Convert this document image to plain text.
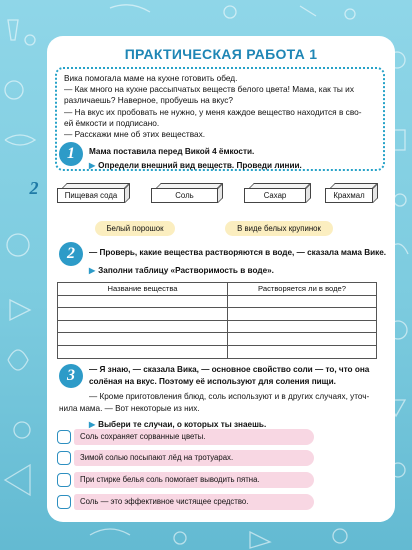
2
ПРАКТИЧЕСКАЯ РАБОТА 1

Вика помогала маме на кухне готовить обед.

— Как много на кухне рассыпчатых веществ белого цвета! Мама, как ты их

различаешь? Наверное, пробуешь на вкус?

— На вкус их пробовать не нужно, у меня каждое вещество находится в сво-

ей ёмкости и подписано.

— Расскажи мне об этих веществах.

1	Мама поставила перед Викой 4 ёмкости.
▶ Определи внешний вид веществ. Проведи линии.
Пищевая сода	Соль	Сахар	Крахмал
Белый порошок	В виде белых крупинок
2	— Проверь, какие вещества растворяются в воде, — сказала мама Вике.
▶ Заполни таблицу «Растворимость в воде».
Название вещества	Растворяется ли в воде?

3	— Я знаю, — сказала Вика, — основное свойство соли — то, что она
солёная на вкус. Поэтому её используют для соления пищи.
— Кроме приготовления блюд, соль используют и в других случаях, уточ-
нила мама. — Вот некоторые из них.
▶ Выбери те случаи, о которых ты знаешь.
Соль сохраняет сорванные цветы.
Зимой солью посыпают лёд на тротуарах.
При стирке белья соль помогает выводить пятна.
Соль — это эффективное чистящее средство.
